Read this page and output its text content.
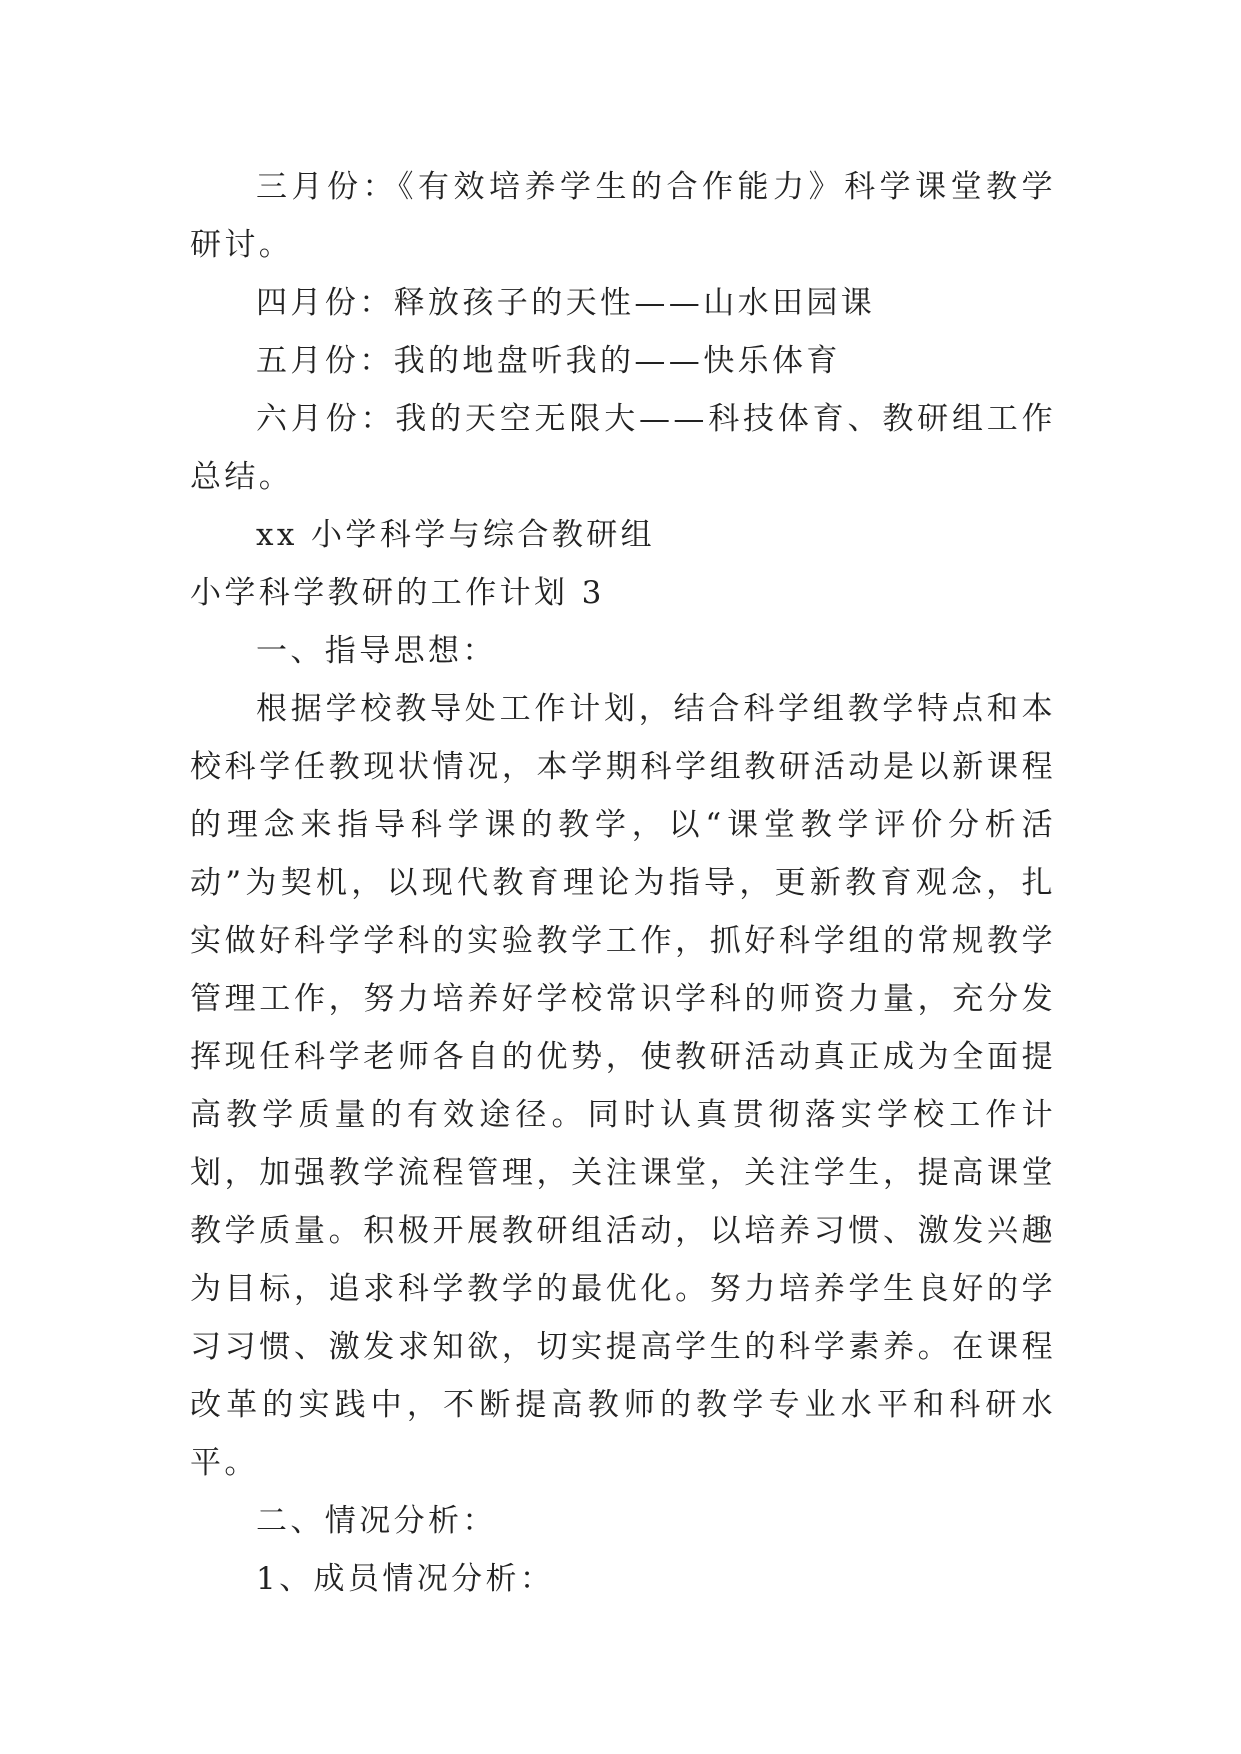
三月份：《有效培养学生的合作能力》科学课堂教学研讨。

四月份：释放孩子的天性——山水田园课

五月份：我的地盘听我的——快乐体育

六月份：我的天空无限大——科技体育、教研组工作总结。

xx 小学科学与综合教研组

小学科学教研的工作计划 3

一、指导思想：

根据学校教导处工作计划，结合科学组教学特点和本校科学任教现状情况，本学期科学组教研活动是以新课程的理念来指导科学课的教学，以“课堂教学评价分析活动”为契机，以现代教育理论为指导，更新教育观念，扎实做好科学学科的实验教学工作，抓好科学组的常规教学管理工作，努力培养好学校常识学科的师资力量，充分发挥现任科学老师各自的优势，使教研活动真正成为全面提高教学质量的有效途径。同时认真贯彻落实学校工作计划，加强教学流程管理，关注课堂，关注学生，提高课堂教学质量。积极开展教研组活动，以培养习惯、激发兴趣为目标，追求科学教学的最优化。努力培养学生良好的学习习惯、激发求知欲，切实提高学生的科学素养。在课程改革的实践中，不断提高教师的教学专业水平和科研水平。

二、情况分析：

1、成员情况分析：
